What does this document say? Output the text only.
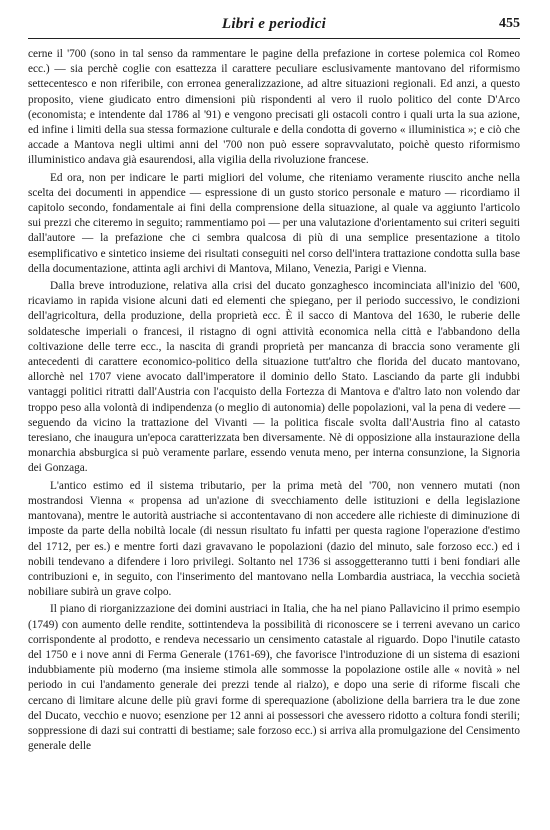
Libri e periodici	455

cerne il '700 (sono in tal senso da rammentare le pagine della prefazione in cortese polemica col Romeo ecc.) — sia perchè coglie con esattezza il carattere peculiare esclusivamente mantovano del riformismo settecentesco e non riferibile, con erronea generalizzazione, ad altre situazioni regionali. Ed anzi, a questo proposito, viene giudicato entro dimensioni più rispondenti al vero il ruolo politico del conte D'Arco (economista; e intendente dal 1786 al '91) e vengono precisati gli ostacoli contro i quali urta la sua azione, ed infine i limiti della sua stessa formazione culturale e della condotta di governo « illuministica »; e ciò che accade a Mantova negli ultimi anni del '700 non può essere sopravvalutato, poichè questo riformismo illuministico andava già esaurendosi, alla vigilia della rivoluzione francese.

Ed ora, non per indicare le parti migliori del volume, che riteniamo veramente riuscito anche nella scelta dei documenti in appendice — espressione di un gusto storico personale e maturo — ricordiamo il capitolo secondo, fondamentale ai fini della comprensione della situazione, al quale va aggiunto l'articolo sui prezzi che citeremo in seguito; rammentiamo poi — per una valutazione d'orientamento sui criteri seguiti dall'autore — la prefazione che ci sembra qualcosa di più di una semplice presentazione a titolo esemplificativo e sintetico insieme dei risultati conseguiti nel corso dell'intera trattazione condotta sulla base della documentazione, attinta agli archivi di Mantova, Milano, Venezia, Parigi e Vienna.

Dalla breve introduzione, relativa alla crisi del ducato gonzaghesco incominciata all'inizio del '600, ricaviamo in rapida visione alcuni dati ed elementi che spiegano, per il periodo successivo, le condizioni dell'agricoltura, della produzione, della proprietà ecc. È il sacco di Mantova del 1630, le ruberie delle soldatesche imperiali o francesi, il ristagno di ogni attività economica nella città e l'abbandono della coltivazione delle terre ecc., la nascita di grandi proprietà per mancanza di braccia sono veramente gli antecedenti di carattere economico-politico della situazione tutt'altro che florida del ducato mantovano, allorchè nel 1707 viene avocato dall'imperatore il dominio dello Stato. Lasciando da parte gli indubbi vantaggi politici ritratti dall'Austria con l'acquisto della Fortezza di Mantova e d'altro lato non volendo dar troppo peso alla volontà di indipendenza (o meglio di autonomia) delle popolazioni, val la pena di vedere — seguendo da vicino la trattazione del Vivanti — la politica fiscale svolta dall'Austria fino al catasto teresiano, che inaugura un'epoca caratterizzata ben diversamente. Nè di opposizione alla instaurazione della monarchia absburgica si può veramente parlare, essendo venuta meno, per interna consunzione, la Signoria dei Gonzaga.

L'antico estimo ed il sistema tributario, per la prima metà del '700, non vennero mutati (non mostrandosi Vienna « propensa ad un'azione di svecchiamento delle istituzioni e della legislazione mantovana), mentre le autorità austriache si accontentavano di non accedere alle richieste di diminuzione di imposte da parte della nobiltà locale (di nessun risultato fu infatti per questa ragione l'operazione d'estimo del 1712, per es.) e mentre forti dazi gravavano le popolazioni (dazio del minuto, sale forzoso ecc.) ed i nobili tendevano a difendere i loro privilegi. Soltanto nel 1736 si assoggetteranno tutti i beni fondiari alle contribuzioni e, in seguito, con l'inserimento del mantovano nella Lombardia austriaca, la vecchia società nobiliare subirà un grave colpo.

Il piano di riorganizzazione dei domini austriaci in Italia, che ha nel piano Pallavicino il primo esempio (1749) con aumento delle rendite, sottintendeva la possibilità di riconoscere se i terreni avevano un carico corrispondente al prodotto, e rendeva necessario un censimento catastale al riguardo. Dopo l'inutile catasto del 1750 e i nove anni di Ferma Generale (1761-69), che favorisce l'introduzione di un sistema di esazioni indubbiamente più moderno (ma insieme stimola alle sommosse la popolazione ostile alle « novità » nel periodo in cui l'andamento generale dei prezzi tende al rialzo), e dopo una serie di riforme fiscali che cercano di limitare alcune delle più gravi forme di sperequazione (abolizione della barriera tra le due zone del Ducato, vecchio e nuovo; esenzione per 12 anni ai possessori che avessero ridotto a coltura fondi sterili; soppressione di dazi sui contratti di bestiame; sale forzoso ecc.) si arriva alla promulgazione del Censimento generale delle
